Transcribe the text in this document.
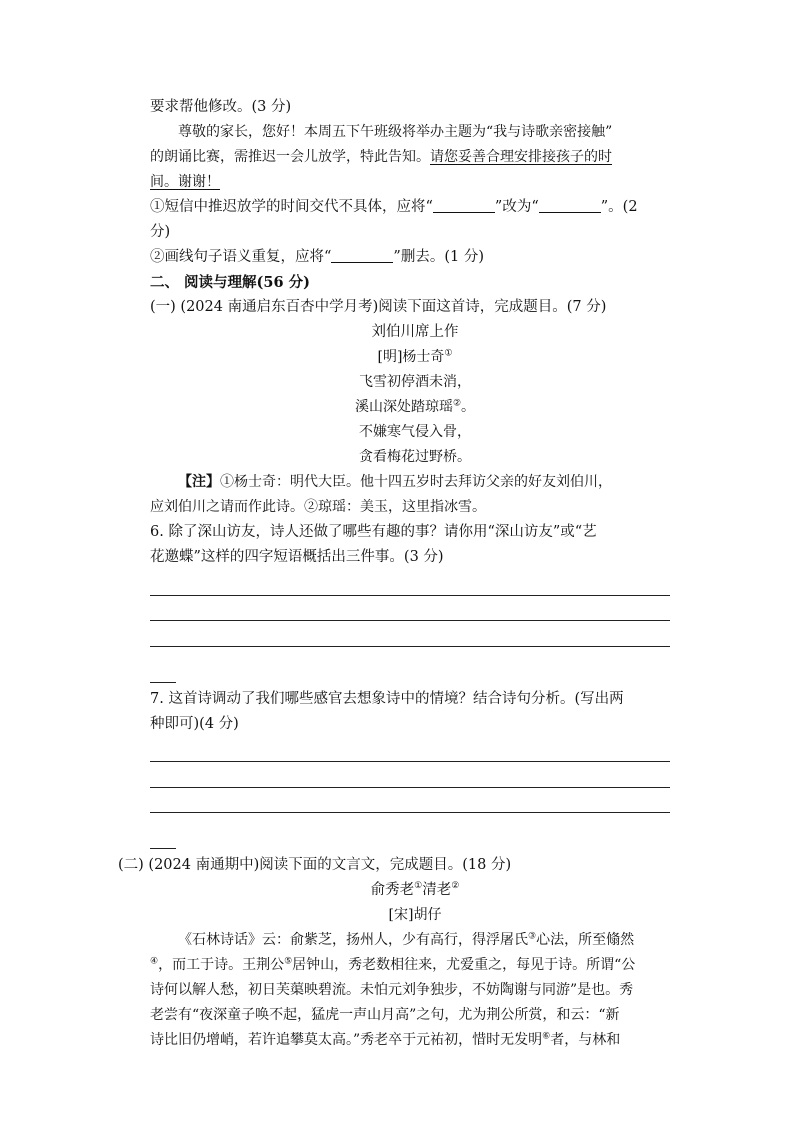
要求帮他修改。(3 分)
尊敬的家长，您好！本周五下午班级将举办主题为“我与诗歌亲密接触”
的朗诵比赛，需推迟一会儿放学，特此告知。请您妥善合理安排接孩子的时
间。谢谢！
①短信中推迟放学的时间交代不具体，应将“	”改为“	”。(2
分)
②画线句子语义重复，应将“	”删去。(1 分)
二、 阅读与理解(56 分)
(一) (2024 南通启东百杏中学月考)阅读下面这首诗，完成题目。(7 分)
刘伯川席上作
[明]杨士奇①
飞雪初停酒未消，
溪山深处踏琼瑶②。
不嫌寒气侵入骨，
贪看梅花过野桥。
【注】①杨士奇：明代大臣。他十四五岁时去拜访父亲的好友刘伯川，
应刘伯川之请而作此诗。②琼瑶：美玉，这里指冰雪。
6. 除了深山访友，诗人还做了哪些有趣的事？请你用“深山访友”或“艺
花邀蝶”这样的四字短语概括出三件事。(3 分)
7. 这首诗调动了我们哪些感官去想象诗中的情境？结合诗句分析。(写出两
种即可)(4 分)
(二) (2024 南通期中)阅读下面的文言文，完成题目。(18 分)
俞秀老①清老②
[宋]胡仔
《石林诗话》云：俞紫芝，扬州人，少有高行，得浮屠氏③心法，所至翛然
④，而工于诗。王荆公⑤居钟山，秀老数相往来，尤爱重之，每见于诗。所谓“公
诗何以解人愁，初日芙蕖映碧流。未怕元刘争独步，不妨陶谢与同游”是也。秀
老尝有“夜深童子唤不起，猛虎一声山月高”之句，尤为荆公所赏，和云：“新
诗比旧仍增峭，若许追攀莫太高。”秀老卒于元祐初，惜时无发明⑥者，与林和
